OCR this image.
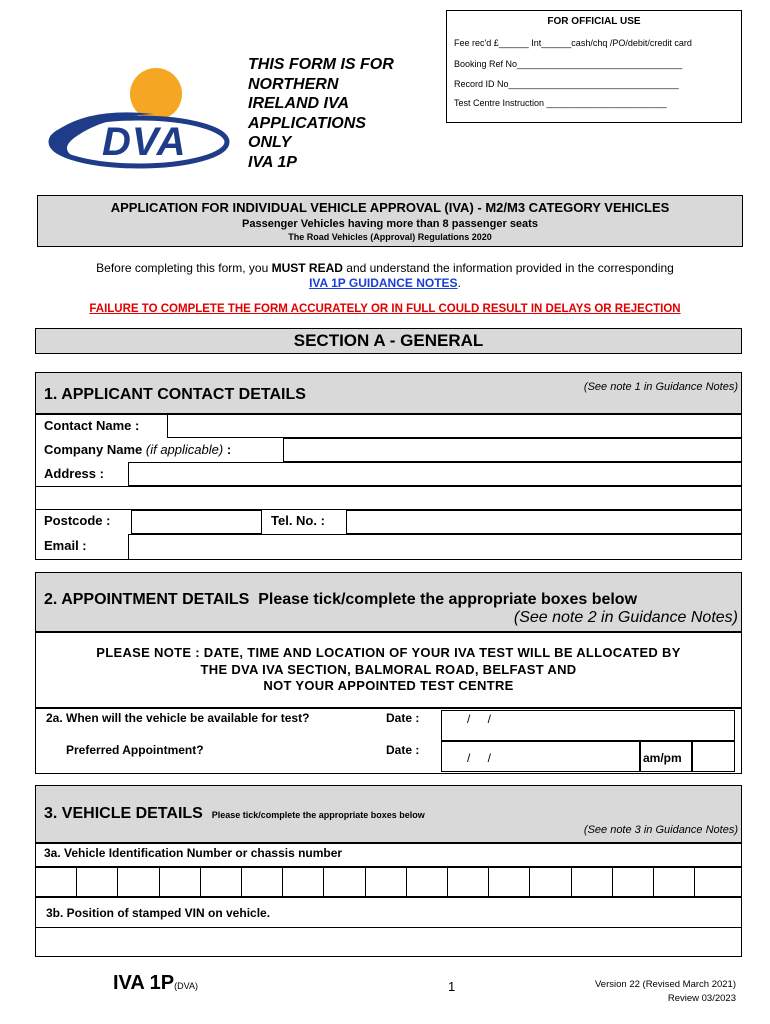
FOR OFFICIAL USE
Fee rec'd £______ Int______cash/chq /PO/debit/credit card
Booking Ref No_________________________________
Record ID No__________________________________
Test Centre Instruction ________________________
DVA
THIS FORM IS FOR
NORTHERN
IRELAND IVA
APPLICATIONS
ONLY
IVA 1P
APPLICATION FOR INDIVIDUAL VEHICLE APPROVAL (IVA) - M2/M3 CATEGORY VEHICLES
Passenger Vehicles having more than 8 passenger seats
The Road Vehicles (Approval) Regulations 2020
Before completing this form, you MUST READ and understand the information provided in the corresponding
IVA 1P GUIDANCE NOTES.
FAILURE TO COMPLETE THE FORM ACCURATELY OR IN FULL COULD RESULT IN DELAYS OR REJECTION
SECTION A - GENERAL
1. APPLICANT CONTACT DETAILS	(See note 1 in Guidance Notes)
Contact Name :
Company Name (if applicable) :
Address :
Postcode :	Tel. No. :
Email :
2. APPOINTMENT DETAILS Please tick/complete the appropriate boxes below
(See note 2 in Guidance Notes)
PLEASE NOTE : DATE, TIME AND LOCATION OF YOUR IVA TEST WILL BE ALLOCATED BY
THE DVA IVA SECTION, BALMORAL ROAD, BELFAST AND
NOT YOUR APPOINTED TEST CENTRE
2a. When will the vehicle be available for test?	Date :	/ /
Preferred Appointment?	Date :
/ /	am/pm
3. VEHICLE DETAILS Please tick/complete the appropriate boxes below
(See note 3 in Guidance Notes)
3a. Vehicle Identification Number or chassis number
3b. Position of stamped VIN on vehicle.
IVA 1P(DVA)	1	Version 22 (Revised March 2021)
Review 03/2023
